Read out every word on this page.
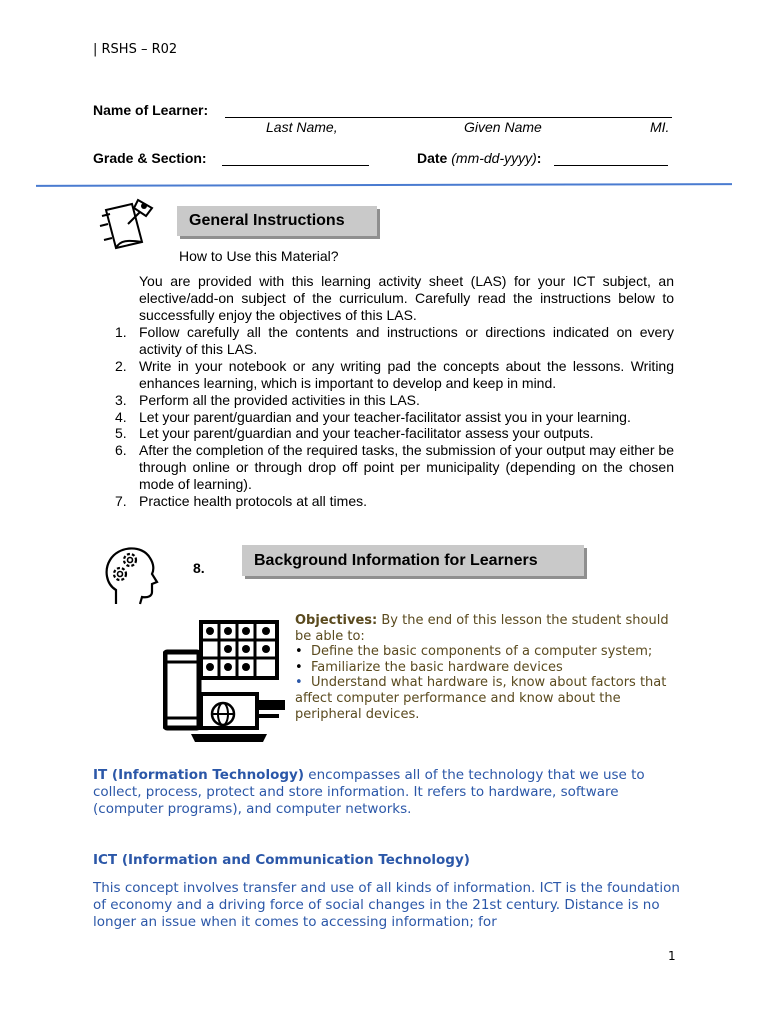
| RSHS – R02
Name of Learner:
Last Name,	Given Name	MI.
Grade & Section:	Date (mm-dd-yyyy):
General Instructions
How to Use this Material?
You are provided with this learning activity sheet (LAS) for your ICT subject, an elective/add-on subject of the curriculum. Carefully read the instructions below to successfully enjoy the objectives of this LAS.
1. Follow carefully all the contents and instructions or directions indicated on every activity of this LAS.
2. Write in your notebook or any writing pad the concepts about the lessons. Writing enhances learning, which is important to develop and keep in mind.
3. Perform all the provided activities in this LAS.
4. Let your parent/guardian and your teacher-facilitator assist you in your learning.
5. Let your parent/guardian and your teacher-facilitator assess your outputs.
6. After the completion of the required tasks, the submission of your output may either be through online or through drop off point per municipality (depending on the chosen mode of learning).
7. Practice health protocols at all times.
8.	Background Information for Learners
Objectives: By the end of this lesson the student should be able to:
• Define the basic components of a computer system;
• Familiarize the basic hardware devices
• Understand what hardware is, know about factors that affect computer performance and know about the peripheral devices.
IT (Information Technology) encompasses all of the technology that we use to collect, process, protect and store information. It refers to hardware, software (computer programs), and computer networks.
ICT (Information and Communication Technology)
This concept involves transfer and use of all kinds of information. ICT is the foundation of economy and a driving force of social changes in the 21st century. Distance is no longer an issue when it comes to accessing information; for
1
